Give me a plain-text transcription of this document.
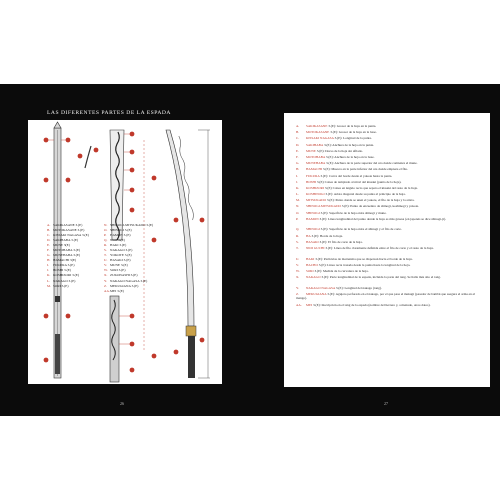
LAS DIFERENTES PARTES DE LA ESPADA
A. SAKIKASANE 3.(E)
B. MOTOKASANE 3.(E)
C. KISSAKI NAGASA 3.(E)
D. SAKIHABA 3.(E)
E. MUNE 3(E)
F. MOTOHABA 3.(E)
G. MUNEHABA 3.(E)
H. HAMACHI 3(E)
I. FUKURA 3.(E)
J. BOSHI 3.(E)
K. KOSHIZORI 3.(E)
L. NAKAGO 3.(E)
M. SORI 3.(E)
N. SHINOGI-MITSUKADO 3.(E)
O. SHINOGI 3.(E)
P. HAMON 3.(E)
Q. NIOI 3.(E)
R. HAKI 3.(E)
S. NAKAGO 3.(E)
T. YOKOTE 3.(E)
U. HASAKI 3.(E)
V. MUNE 3.(E)
W. SORI 3.(E)
X. ZUKONASHI 3.(E)
Y. NAKAGO NAGASA 3.(E)
Z. MEKUGIANA 3.(E)
AA.MEI 3.(E)
26
A. SAKIKASANE 3.(E): Grosor de la hoja en la punta.
B. MOTOKASANE 3.(E): Grosor de la hoja en la base.
C. KISSAKI NAGASA 3.(E): Longitud de la punta.
D. SAKIHABA 3.(E): Anchura de la hoja en la punta.
E. MUNE 3.(E): Dorso de la hoja sin afilado.
F. MOTOHABA 3.(E): Anchura de la hoja en la base.
G. MUNEHABA 3.(E): Anchura de la parte superior del ura donde comienza el mune.
H. HAMACHI 3.(E): Muesca en la parte inferior del ura donde empieza el filo.
I. FUKURA 3.(E): Curva del borde desde el yokote hasta la punta.
J. BOSHI 3.(E): Línea de templado al nivel del kissaki (punta de la hoja).
K. KOSHIZORI 3.(E): Línea en ángulo recto que separa el kissaki del resto de la hoja.
L. KOSHINOGI 3.(E): Arista diagonal desde su punta al principio de la hoja.
M. MITSUKADO 3.(E): Punto donde se unen el yokote, el filo de la hoja y la arista.
N. SHINOGI-MITSUKADO 3.(E): Punto de encuentro de shinogi, koshinogi y yokote.
O. SHINOGI 3.(E): Superficie de la hoja entre shinogi y mune.
P. HAMON 3.(E): Línea longitudinal del punto donde la hoja es más gruesa (en japonés se dice shinogi-ji).
Q. SHINOGI 3.(E): Superficie de la hoja entre el shinogi y el filo de corte.
R. HA 3.(E): Borde de la hoja.
S. HASAKI 3.(E): El filo de corte de la hoja.
T. NIOI GUCHI 3.(E): Línea de filo claramente definida entre el filo de corte y el resto de la hoja.
U. HAKI 3.(E): Partículas de martensita que se dispersan hacia el borde de la hoja.
V. HACHO 3.(E): Línea recta trazada desde la punta hasta la longitud de la hoja.
W. SORI 3.(E): Medida de la curvatura de la hoja.
X. NAKAGO 3.(E): Parte longitudinal de la espada, incluida la parte del tang. Se halla más alto el tang.
Y. NAKAGO NAGASA 3.(E): Longitud del nakago (tang).
Z. MEKUGIANA 3.(E): Agujero perforado en el nakago, por el que pasa el mekugi (pasador de bambú que asegura el arma en el mango).
AA. MEI 3.(E): Inscripción en el tang de la espada (nombre del herrero y, a menudo, otros datos).
27
